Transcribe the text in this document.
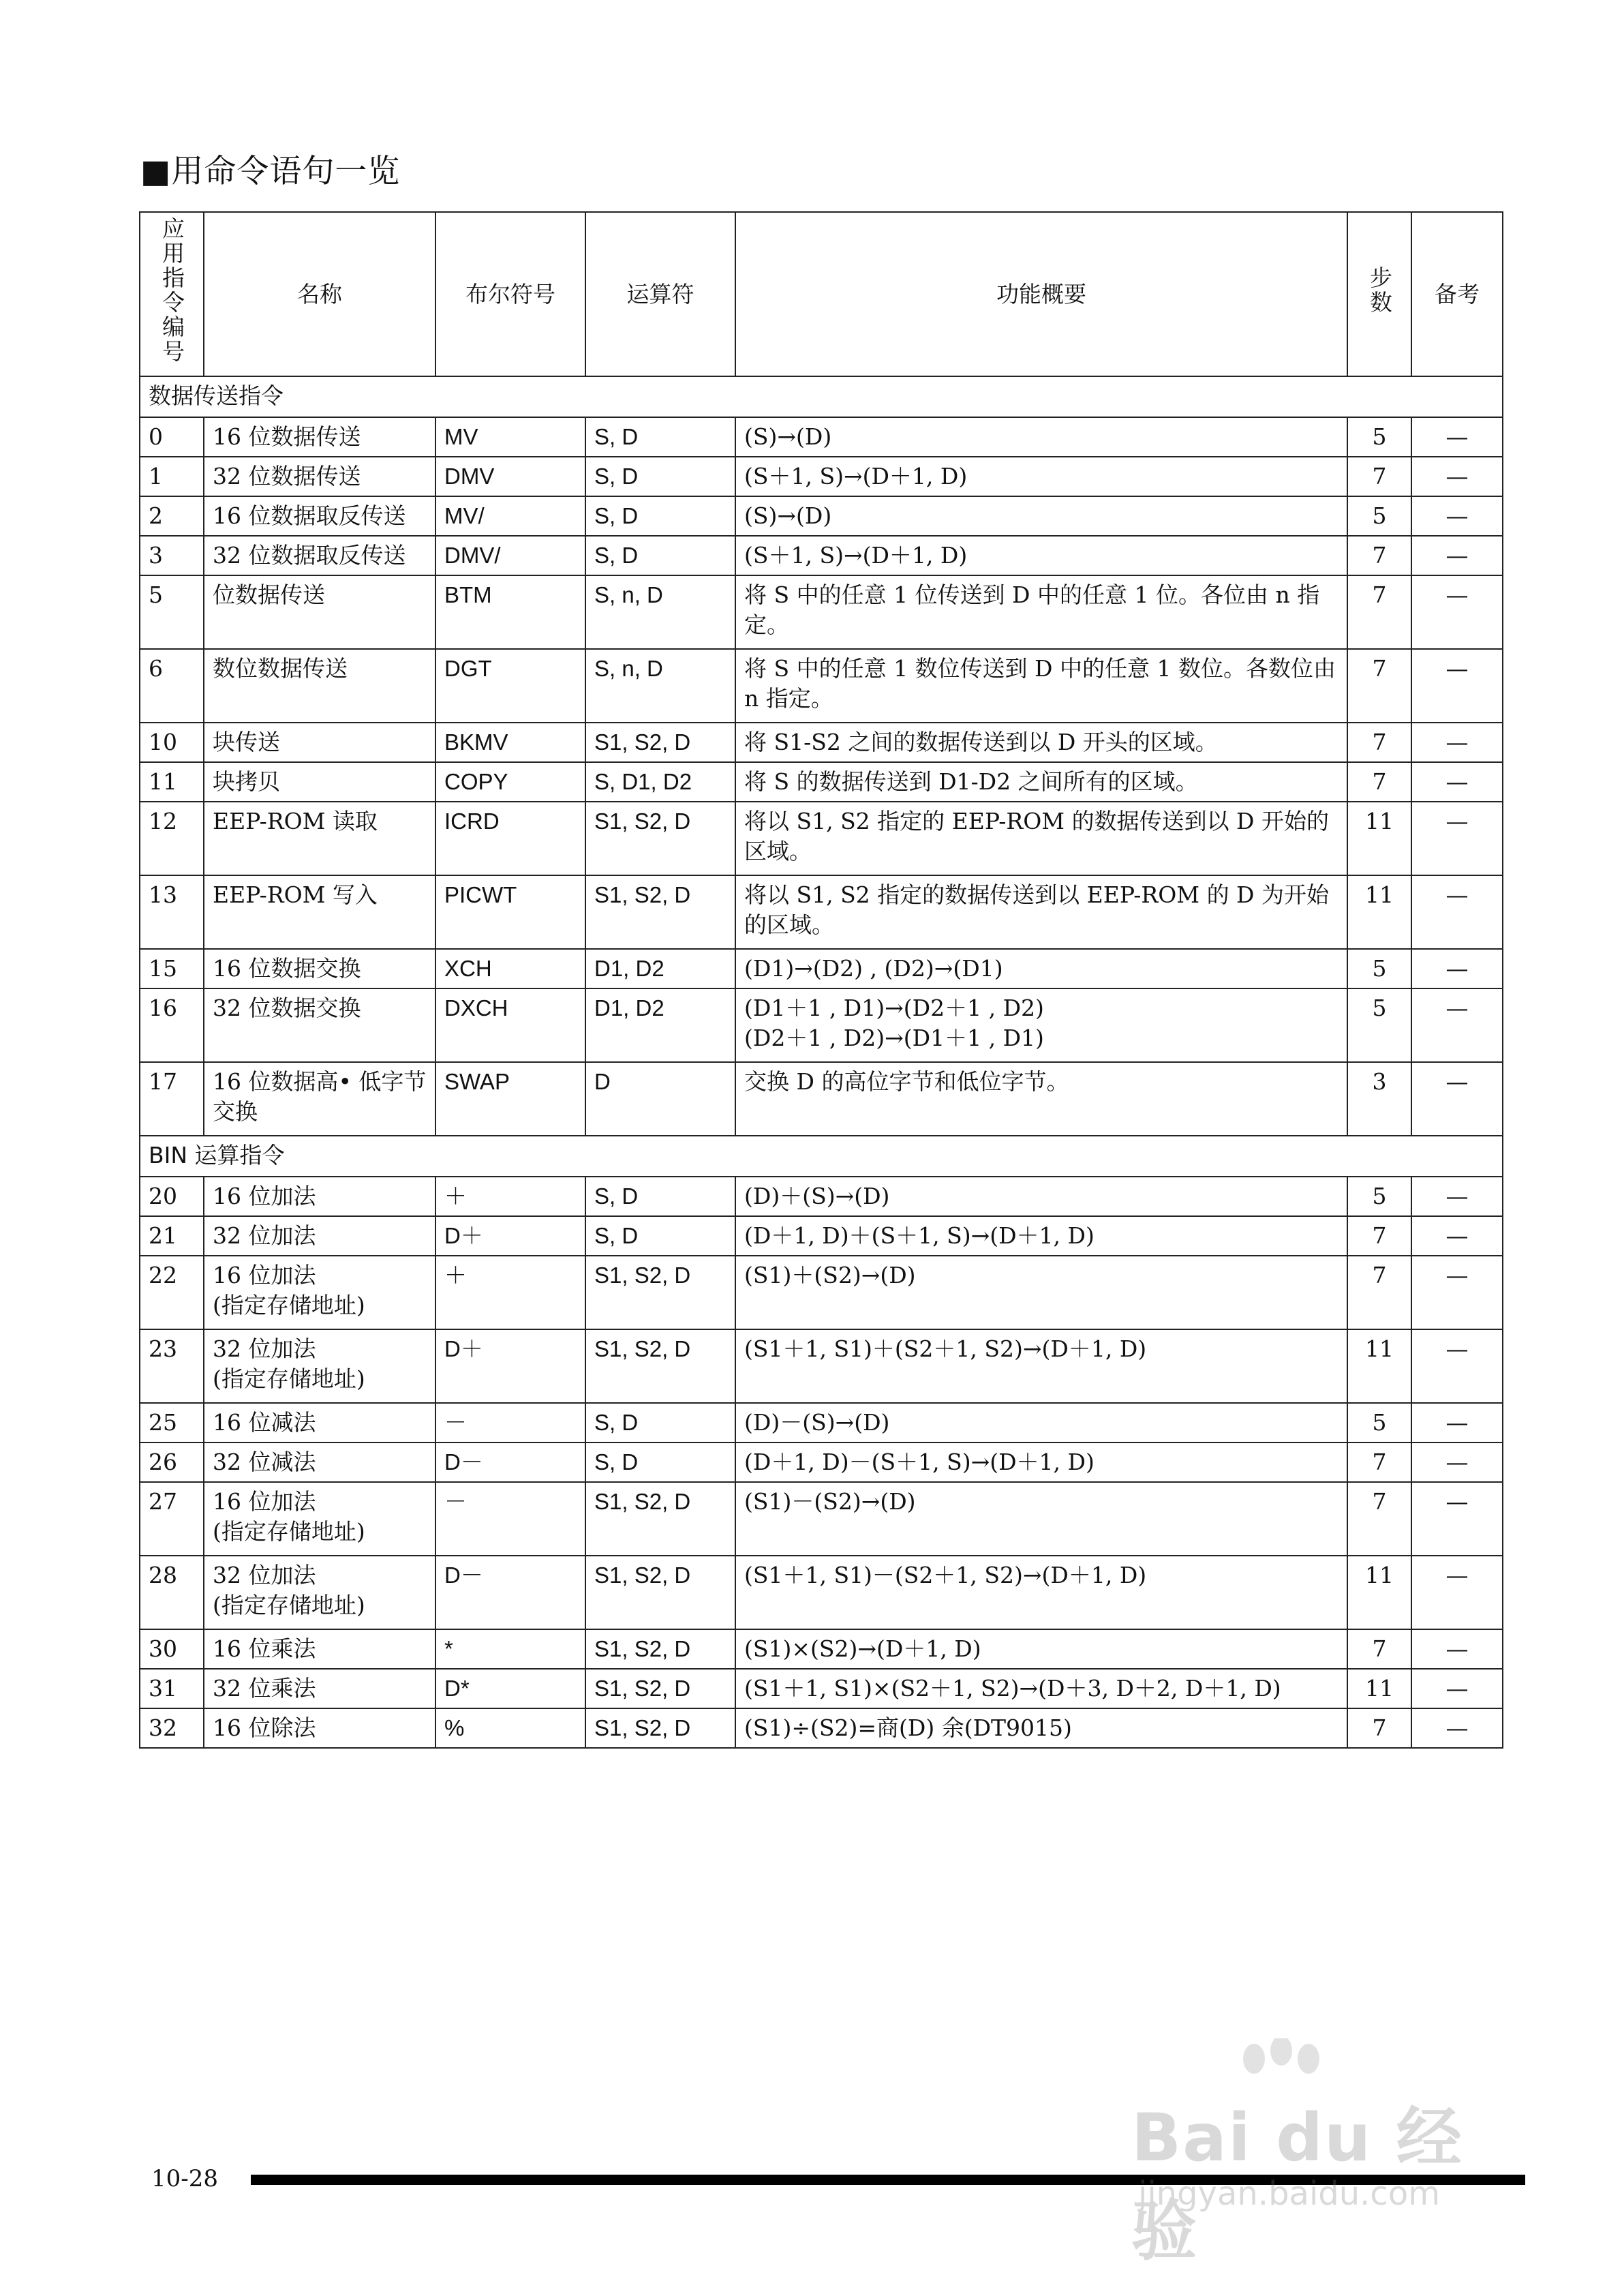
■用命令语句一览
应用指令编号	名称	布尔符号	运算符	功能概要	步数	备考
数据传送指令						
0	16 位数据传送	MV	S, D	(S)→(D)	5	—
1	32 位数据传送	DMV	S, D	(S＋1, S)→(D＋1, D)	7	—
2	16 位数据取反传送	MV/	S, D	(S)→(D)	5	—
3	32 位数据取反传送	DMV/	S, D	(S＋1, S)→(D＋1, D)	7	—
5	位数据传送	BTM	S, n, D	将 S 中的任意 1 位传送到 D 中的任意 1 位。各位由 n 指定。	7	—
6	数位数据传送	DGT	S, n, D	将 S 中的任意 1 数位传送到 D 中的任意 1 数位。各数位由 n 指定。	7	—
10	块传送	BKMV	S1, S2, D	将 S1-S2 之间的数据传送到以 D 开头的区域。	7	—
11	块拷贝	COPY	S, D1, D2	将 S 的数据传送到 D1-D2 之间所有的区域。	7	—
12	EEP-ROM 读取	ICRD	S1, S2, D	将以 S1, S2 指定的 EEP-ROM 的数据传送到以 D 开始的区域。	11	—
13	EEP-ROM 写入	PICWT	S1, S2, D	将以 S1, S2 指定的数据传送到以 EEP-ROM 的 D 为开始的区域。	11	—
15	16 位数据交换	XCH	D1, D2	(D1)→(D2) , (D2)→(D1)	5	—
16	32 位数据交换	DXCH	D1, D2	(D1＋1 , D1)→(D2＋1 , D2)
(D2＋1 , D2)→(D1＋1 , D1)	5	—
17	16 位数据高• 低字节交换	SWAP	D	交换 D 的高位字节和低位字节。	3	—
BIN 运算指令						
20	16 位加法	＋	S, D	(D)＋(S)→(D)	5	—
21	32 位加法	D＋	S, D	(D＋1, D)＋(S＋1, S)→(D＋1, D)	7	—
22	16 位加法
(指定存储地址)	＋	S1, S2, D	(S1)＋(S2)→(D)	7	—
23	32 位加法
(指定存储地址)	D＋	S1, S2, D	(S1＋1, S1)＋(S2＋1, S2)→(D＋1, D)	11	—
25	16 位减法	－	S, D	(D)－(S)→(D)	5	—
26	32 位减法	D－	S, D	(D＋1, D)－(S＋1, S)→(D＋1, D)	7	—
27	16 位加法
(指定存储地址)	－	S1, S2, D	(S1)－(S2)→(D)	7	—
28	32 位加法
(指定存储地址)	D－	S1, S2, D	(S1＋1, S1)－(S2＋1, S2)→(D＋1, D)	11	—
30	16 位乘法	*	S1, S2, D	(S1)×(S2)→(D＋1, D)	7	—
31	32 位乘法	D*	S1, S2, D	(S1＋1, S1)×(S2＋1, S2)→(D＋3, D＋2, D＋1, D)	11	—
32	16 位除法	%	S1, S2, D	(S1)÷(S2)=商(D) 余(DT9015)	7	—
10-28
Bai du 经验
jingyan.baidu.com
